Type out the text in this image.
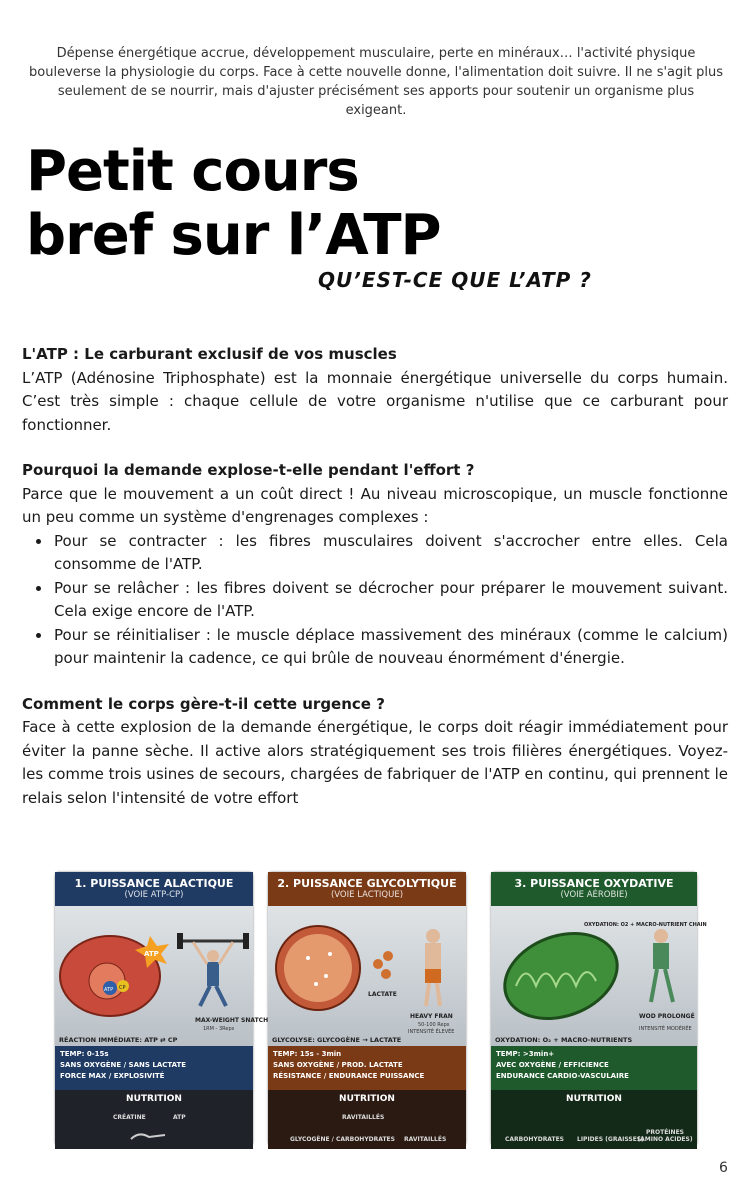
Dépense énergétique accrue, développement musculaire, perte en minéraux… l'activité physique bouleverse la physiologie du corps. Face à cette nouvelle donne, l'alimentation doit suivre. Il ne s'agit plus seulement de se nourrir, mais d'ajuster précisément ses apports pour soutenir un organisme plus exigeant.
Petit cours
bref sur l’ATP
QU’EST-CE QUE L’ATP ?
L'ATP : Le carburant exclusif de vos muscles

L’ATP (Adénosine Triphosphate) est la monnaie énergétique universelle du corps humain. C’est très simple : chaque cellule de votre organisme n'utilise que ce carburant pour fonctionner.

Pourquoi la demande explose-t-elle pendant l'effort ?

Parce que le mouvement a un coût direct ! Au niveau microscopique, un muscle fonctionne un peu comme un système d'engrenages complexes :

• Pour se contracter : les fibres musculaires doivent s'accrocher entre elles. Cela consomme de l'ATP.
• Pour se relâcher : les fibres doivent se décrocher pour préparer le mouvement suivant. Cela exige encore de l'ATP.
• Pour se réinitialiser : le muscle déplace massivement des minéraux (comme le calcium) pour maintenir la cadence, ce qui brûle de nouveau énormément d'énergie.
Comment le corps gère-t-il cette urgence ?

Face à cette explosion de la demande énergétique, le corps doit réagir immédiatement pour éviter la panne sèche. Il active alors stratégiquement ses trois filières énergétiques. Voyez-les comme trois usines de secours, chargées de fabriquer de l'ATP en continu, qui prennent le relais selon l'intensité de votre effort

1. PUISSANCE ALACTIQUE
(VOIE ATP-CP)
ATP
ATP CP
MAX-WEIGHT SNATCH
1RM - 3Reps
RÉACTION IMMÉDIATE: ATP ⇄ CP
TEMP: 0-15s
SANS OXYGÈNE / SANS LACTATE
FORCE MAX / EXPLOSIVITÉ
NUTRITION
CRÉATINE	ATP
2. PUISSANCE GLYCOLYTIQUE
(VOIE LACTIQUE)
LACTATE
HEAVY FRAN
50-100 Reps
INTENSITÉ ÉLEVÉE
GLYCOLYSE: GLYCOGÈNE → LACTATE
TEMP: 15s - 3min
SANS OXYGÈNE / PROD. LACTATE
RÉSISTANCE / ENDURANCE PUISSANCE
NUTRITION
RAVITAILLÉS
GLYCOGÈNE / CARBOHYDRATES RAVITAILLÉS
3. PUISSANCE OXYDATIVE
(VOIE AÉROBIE)
OXYDATION: O2 + MACRO-NUTRIENT CHAIN
WOD PROLONGÉ
INTENSITÉ MODÉRÉE
OXYDATION: O₂ + MACRO-NUTRIENTS
TEMP: >3min+
AVEC OXYGÈNE / EFFICIENCE
ENDURANCE CARDIO-VASCULAIRE
NUTRITION
CARBOHYDRATES LIPIDES (GRAISSES)
PROTÉINES (AMINO ACIDES)
6
